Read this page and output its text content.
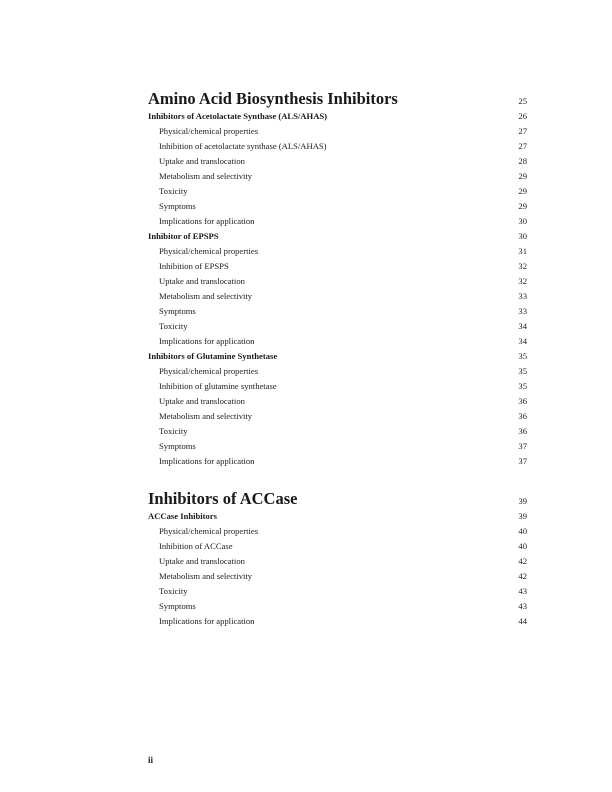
Amino Acid Biosynthesis Inhibitors .....	25
Inhibitors of Acetolactate Synthase (ALS/AHAS) .....	26
Physical/chemical properties .....	27
Inhibition of acetolactate synthase (ALS/AHAS) .....	27
Uptake and translocation .....	28
Metabolism and selectivity .....	29
Toxicity .....	29
Symptoms .....	29
Implications for application .....	30
Inhibitor of EPSPS .....	30
Physical/chemical properties .....	31
Inhibition of EPSPS .....	32
Uptake and translocation .....	32
Metabolism and selectivity .....	33
Symptoms .....	33
Toxicity .....	34
Implications for application .....	34
Inhibitors of Glutamine Synthetase .....	35
Physical/chemical properties .....	35
Inhibition of glutamine synthetase .....	35
Uptake and translocation .....	36
Metabolism and selectivity .....	36
Toxicity .....	36
Symptoms .....	37
Implications for application .....	37
Inhibitors of ACCase .....	39
ACCase Inhibitors .....	39
Physical/chemical properties .....	40
Inhibition of ACCase .....	40
Uptake and translocation .....	42
Metabolism and selectivity .....	42
Toxicity .....	43
Symptoms .....	43
Implications for application .....	44
ii
